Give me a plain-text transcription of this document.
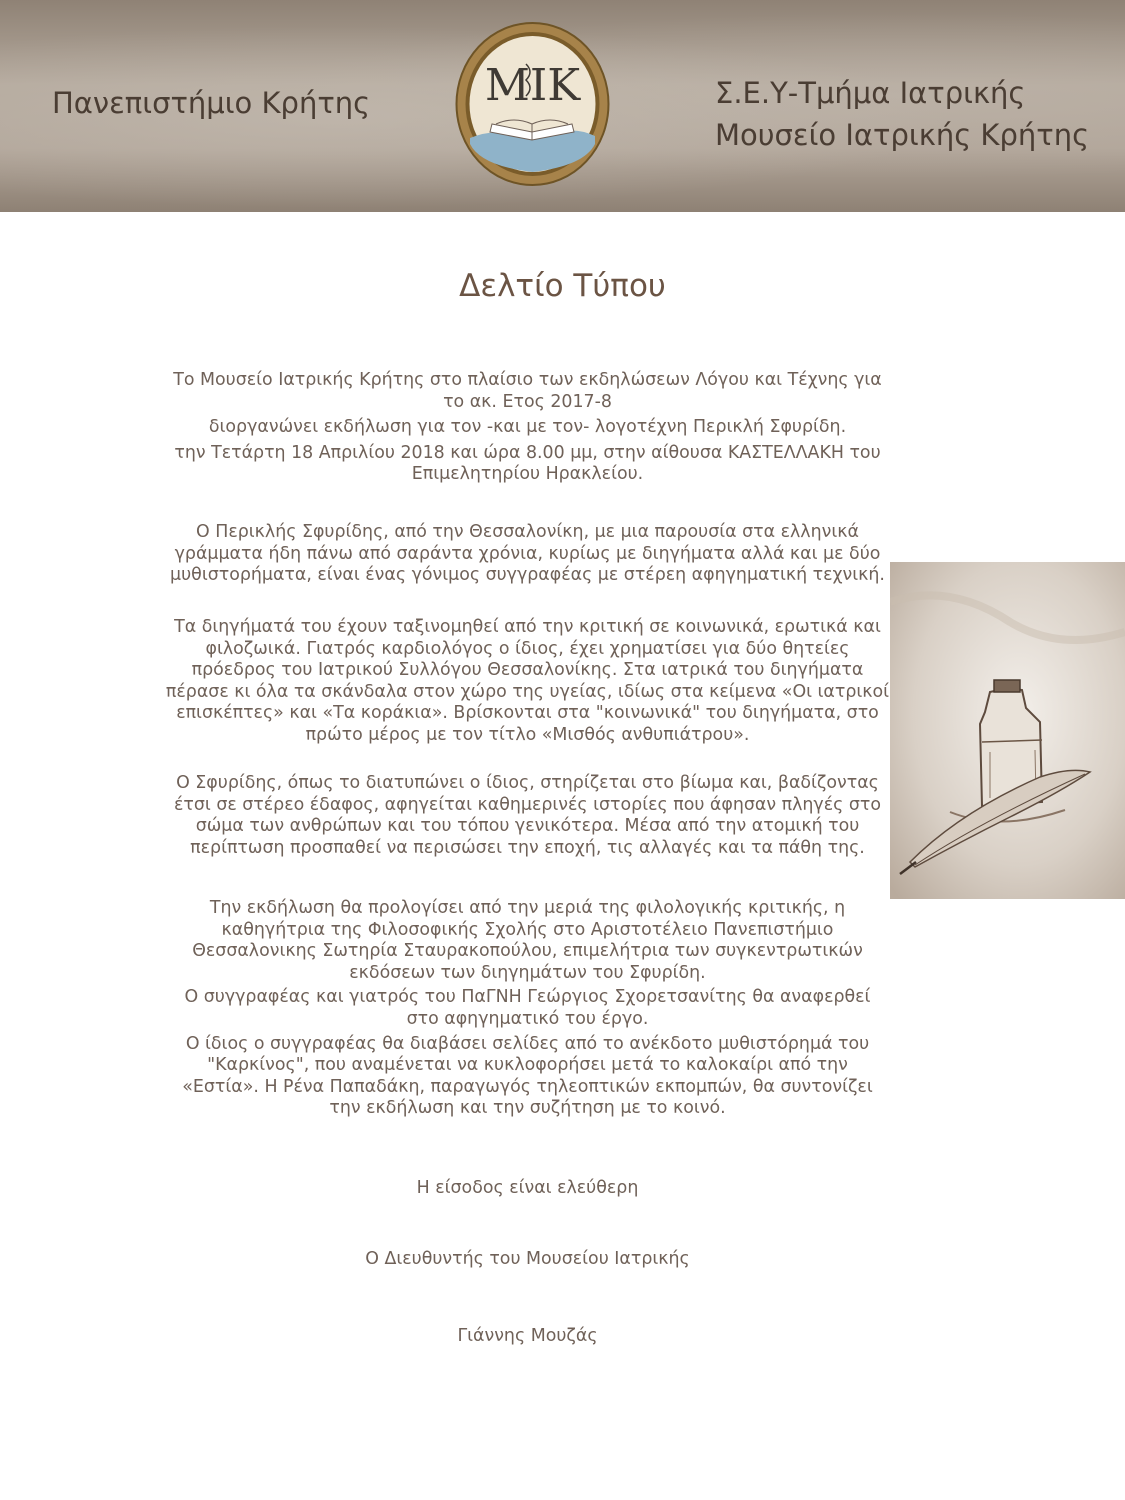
Πανεπιστήμιο Κρήτης	ΜΙΚ	Σ.Ε.Υ-Τμήμα Ιατρικής
Μουσείο Ιατρικής Κρήτης
Δελτίο Τύπου
Το Μουσείο Ιατρικής Κρήτης στο πλαίσιο των εκδηλώσεων Λόγου και Τέχνης για
το ακ. Ετος 2017-8
διοργανώνει εκδήλωση για τον -και με τον- λογοτέχνη Περικλή Σφυρίδη.
την Τετάρτη 18 Απριλίου 2018 και ώρα 8.00 μμ, στην αίθουσα ΚΑΣΤΕΛΛΑΚΗ του
Επιμελητηρίου Ηρακλείου.
Ο Περικλής Σφυρίδης, από την Θεσσαλονίκη, με μια παρουσία στα ελληνικά
γράμματα ήδη πάνω από σαράντα χρόνια, κυρίως με διηγήματα αλλά και με δύο
μυθιστορήματα, είναι ένας γόνιμος συγγραφέας με στέρεη αφηγηματική τεχνική.
Τα διηγήματά του έχουν ταξινομηθεί από την κριτική σε κοινωνικά, ερωτικά και
φιλοζωικά. Γιατρός καρδιολόγος ο ίδιος, έχει χρηματίσει για δύο θητείες
πρόεδρος του Ιατρικού Συλλόγου Θεσσαλονίκης. Στα ιατρικά του διηγήματα
πέρασε κι όλα τα σκάνδαλα στον χώρο της υγείας, ιδίως στα κείμενα «Οι ιατρικοί
επισκέπτες» και «Τα κοράκια». Βρίσκονται στα "κοινωνικά" του διηγήματα, στο
πρώτο μέρος με τον τίτλο «Μισθός ανθυπιάτρου».
Ο Σφυρίδης, όπως το διατυπώνει ο ίδιος, στηρίζεται στο βίωμα και, βαδίζοντας
έτσι σε στέρεο έδαφος, αφηγείται καθημερινές ιστορίες που άφησαν πληγές στο
σώμα των ανθρώπων και του τόπου γενικότερα. Μέσα από την ατομική του
περίπτωση προσπαθεί να περισώσει την εποχή, τις αλλαγές και τα πάθη της.
Την εκδήλωση θα προλογίσει από την μεριά της φιλολογικής κριτικής, η
καθηγήτρια της Φιλοσοφικής Σχολής στο Αριστοτέλειο Πανεπιστήμιο
Θεσσαλονικης Σωτηρία Σταυρακοπούλου, επιμελήτρια των συγκεντρωτικών
εκδόσεων των διηγημάτων του Σφυρίδη.
Ο συγγραφέας και γιατρός του ΠαΓΝΗ Γεώργιος Σχορετσανίτης θα αναφερθεί
στο αφηγηματικό του έργο.
Ο ίδιος ο συγγραφέας θα διαβάσει σελίδες από το ανέκδοτο μυθιστόρημά του
"Καρκίνος", που αναμένεται να κυκλοφορήσει μετά το καλοκαίρι από την
«Εστία». Η Ρένα Παπαδάκη, παραγωγός τηλεοπτικών εκπομπών, θα συντονίζει
την εκδήλωση και την συζήτηση με το κοινό.
Η είσοδος είναι ελεύθερη
Ο Διευθυντής του Μουσείου Ιατρικής
Γιάννης Μουζάς
